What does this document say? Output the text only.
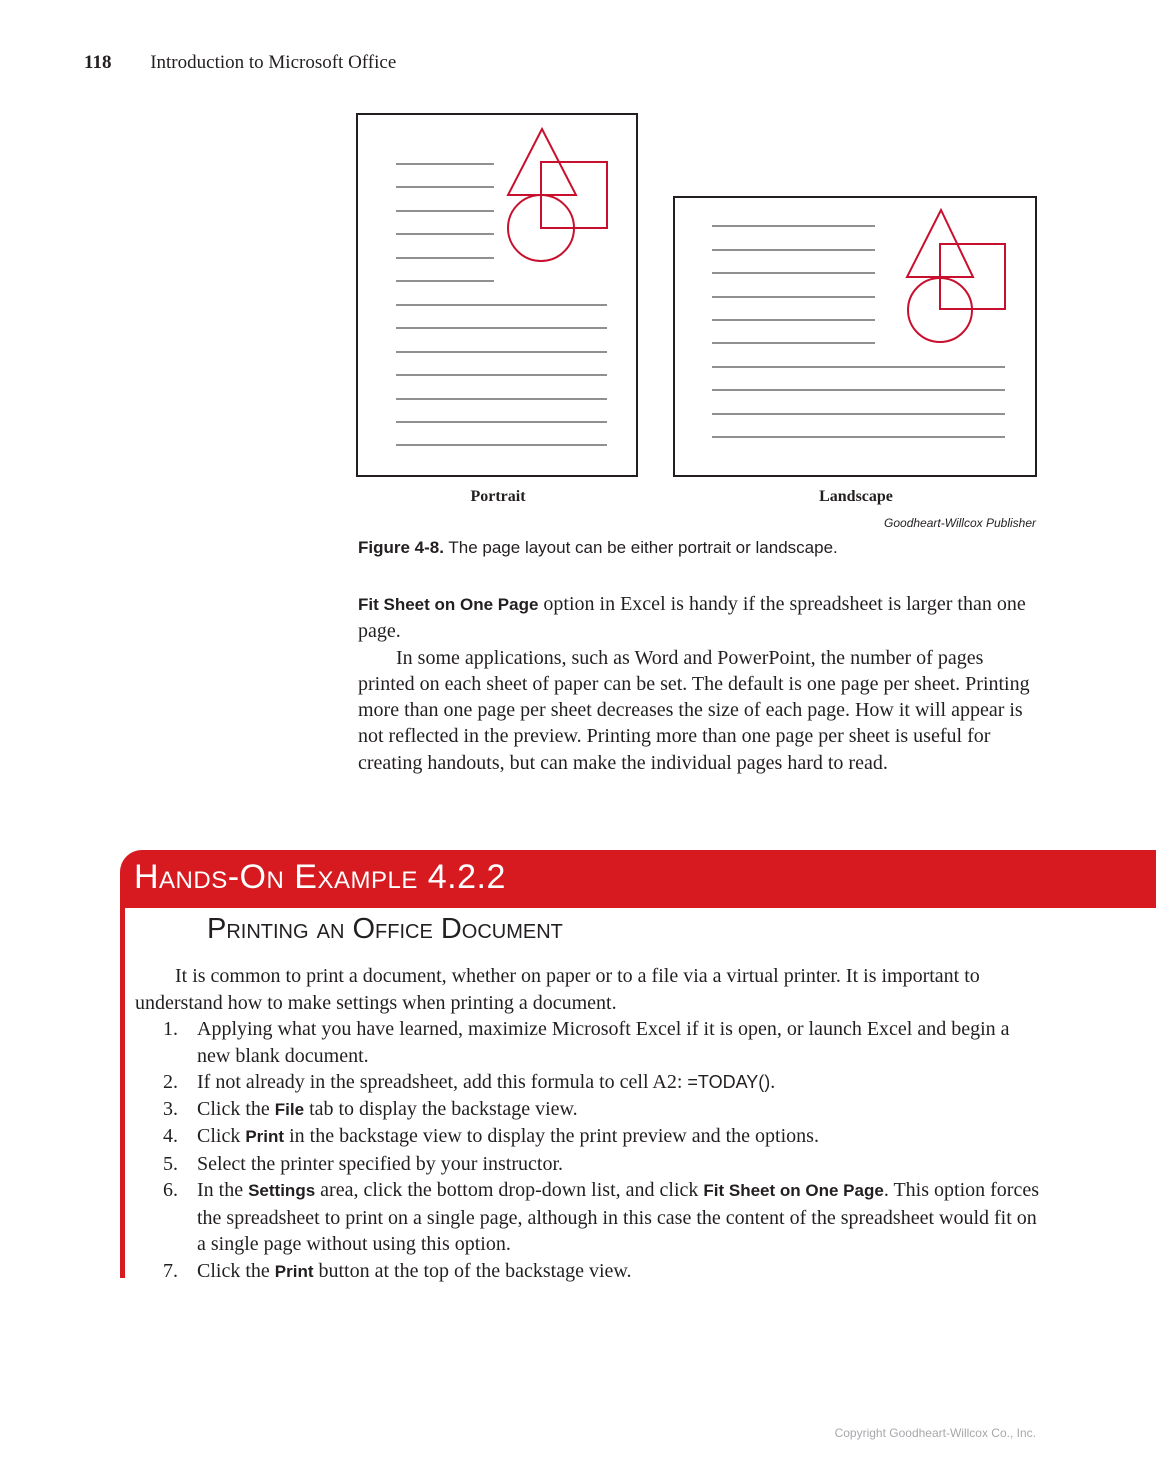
118 Introduction to Microsoft Office
Portrait	Landscape
Goodheart-Willcox Publisher
Figure 4-8. The page layout can be either portrait or landscape.

Fit Sheet on One Page option in Excel is handy if the spreadsheet is larger than one page.

In some applications, such as Word and PowerPoint, the number of pages printed on each sheet of paper can be set. The default is one page per sheet. Printing more than one page per sheet decreases the size of each page. How it will appear is not reflected in the preview. Printing more than one page per sheet is useful for creating handouts, but can make the individual pages hard to read.

Hands-On Example 4.2.2
Printing an Office Document

It is common to print a document, whether on paper or to a file via a virtual printer. It is important to understand how to make settings when printing a document.

1. Applying what you have learned, maximize Microsoft Excel if it is open, or launch Excel and begin a new blank document.
2. If not already in the spreadsheet, add this formula to cell A2: =TODAY().
3. Click the File tab to display the backstage view.
4. Click Print in the backstage view to display the print preview and the options.
5. Select the printer specified by your instructor.
6. In the Settings area, click the bottom drop-down list, and click Fit Sheet on One Page. This option forces the spreadsheet to print on a single page, although in this case the content of the spreadsheet would fit on a single page without using this option.
7. Click the Print button at the top of the backstage view.
Copyright Goodheart-Willcox Co., Inc.
